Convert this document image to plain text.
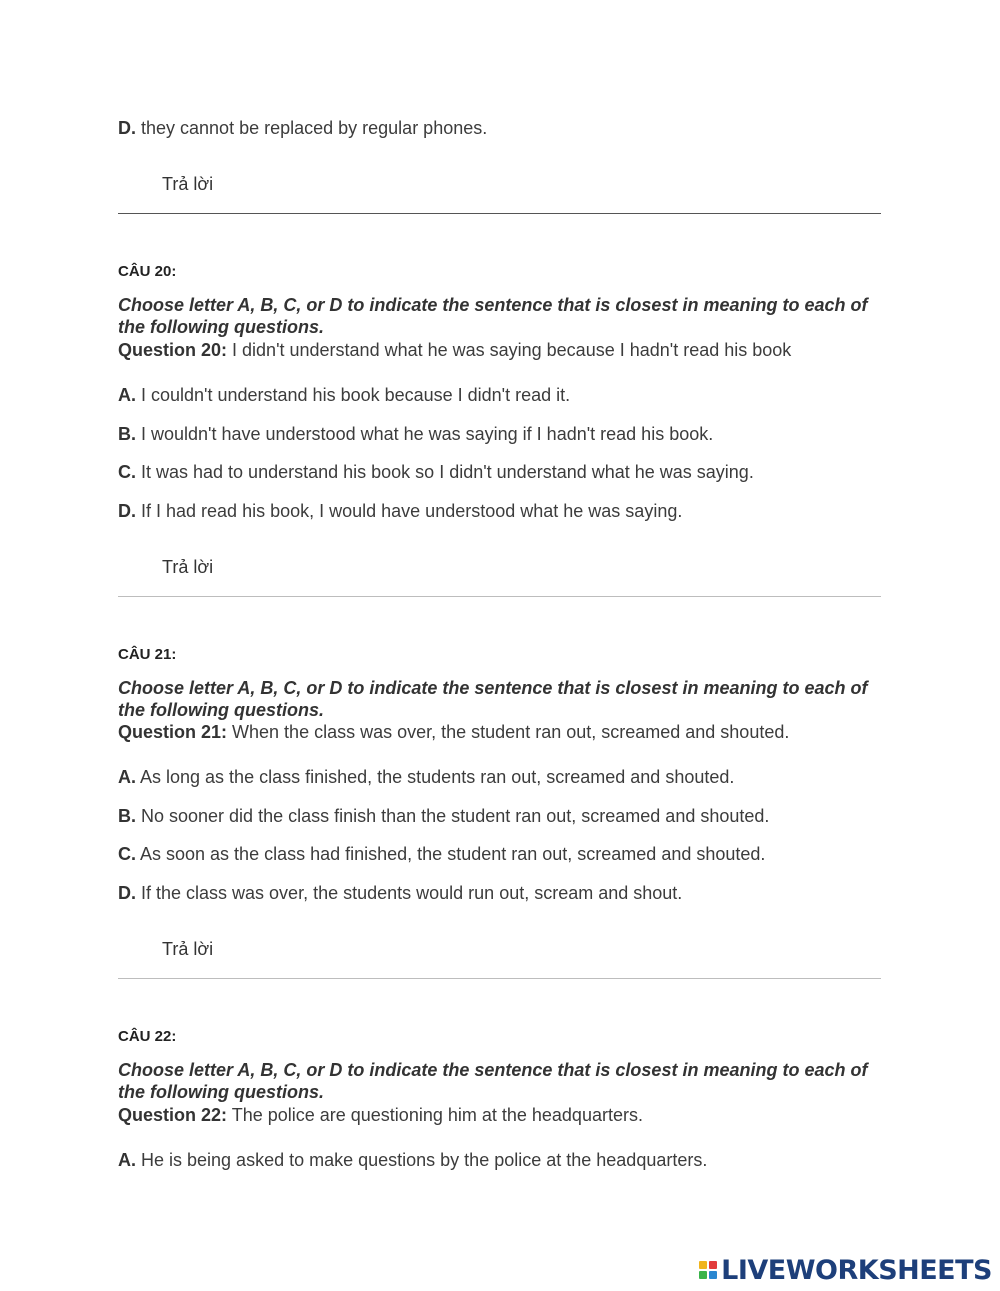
D. they cannot be replaced by regular phones.
Trả lời
CÂU 20:
Choose letter A, B, C, or D to indicate the sentence that is closest in meaning to each of the following questions.
Question 20: I didn't understand what he was saying because I hadn't read his book
A. I couldn't understand his book because I didn't read it.
B. I wouldn't have understood what he was saying if I hadn't read his book.
C. It was had to understand his book so I didn't understand what he was saying.
D. If I had read his book, I would have understood what he was saying.
Trả lời
CÂU 21:
Choose letter A, B, C, or D to indicate the sentence that is closest in meaning to each of the following questions.
Question 21: When the class was over, the student ran out, screamed and shouted.
A. As long as the class finished, the students ran out, screamed and shouted.
B. No sooner did the class finish than the student ran out, screamed and shouted.
C. As soon as the class had finished, the student ran out, screamed and shouted.
D. If the class was over, the students would run out, scream and shout.
Trả lời
CÂU 22:
Choose letter A, B, C, or D to indicate the sentence that is closest in meaning to each of the following questions.
Question 22: The police are questioning him at the headquarters.
A. He is being asked to make questions by the police at the headquarters.
LIVEWORKSHEETS
